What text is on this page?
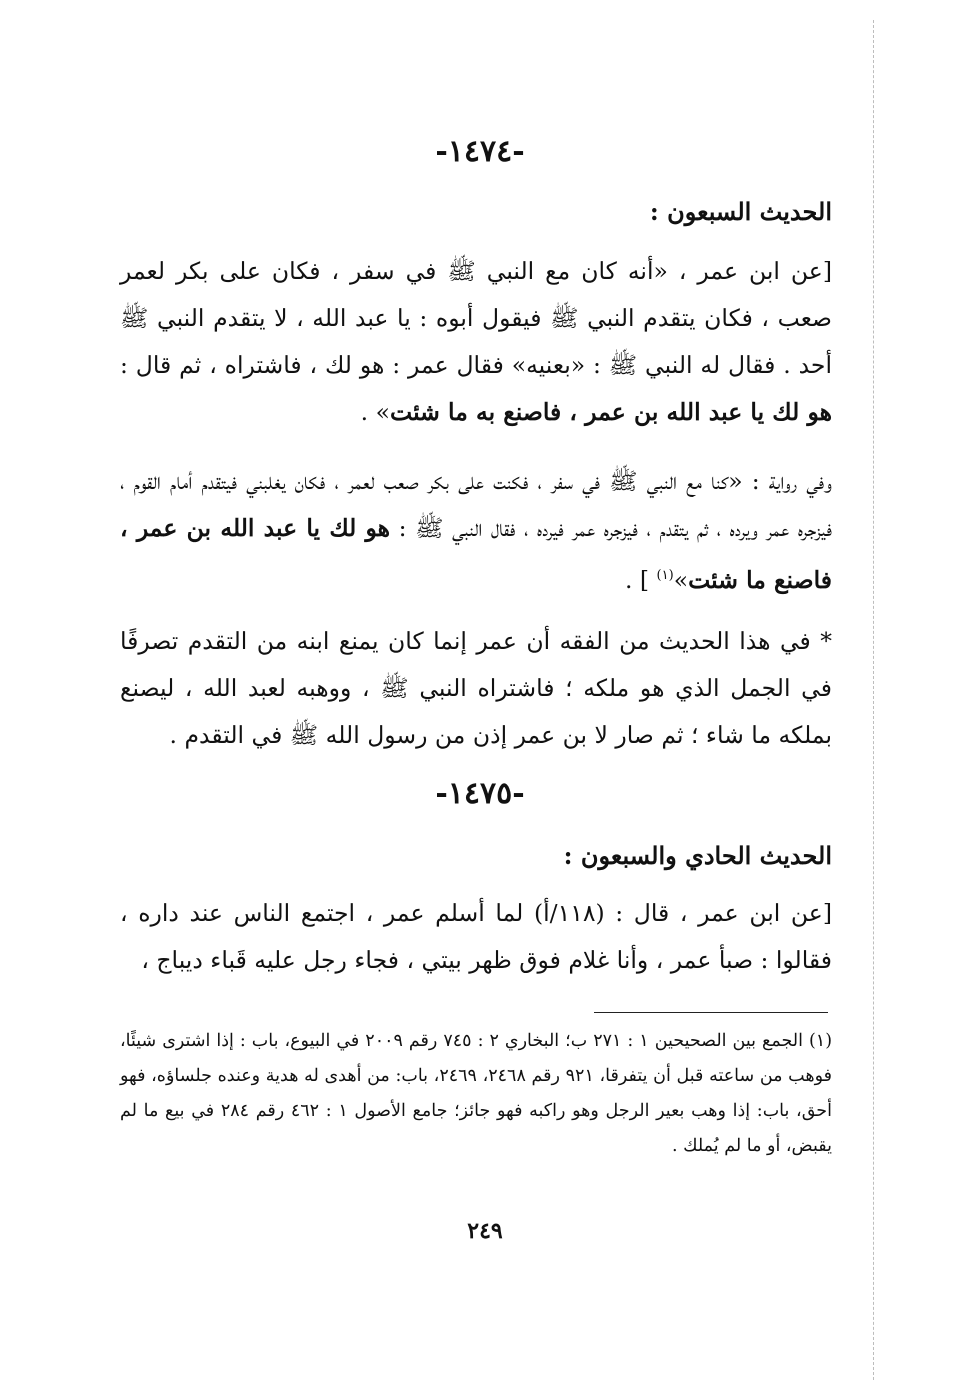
-١٤٧٤-
الحديث السبعون :

[عن ابن عمر ، «أنه كان مع النبي ﷺ في سفر ، فكان على بكر لعمر صعب ، فكان يتقدم النبي ﷺ فيقول أبوه : يا عبد الله ، لا يتقدم النبي ﷺ أحد . فقال له النبي ﷺ : «بعنيه» فقال عمر : هو لك ، فاشتراه ، ثم قال : هو لك يا عبد الله بن عمر ، فاصنع به ما شئت» .

وفي رواية : «كنا مع النبي ﷺ في سفر ، فكنت على بكر صعب لعمر ، فكان يغلبني فيتقدم أمام القوم ، فيزجره عمر ويرده ، ثم يتقدم ، فيزجره عمر فيرده ، فقال النبي ﷺ : هو لك يا عبد الله بن عمر ، فاصنع ما شئت»$^{(١)}$ ] .

* في هذا الحديث من الفقه أن عمر إنما كان يمنع ابنه من التقدم تصرفًا في الجمل الذي هو ملكه ؛ فاشتراه النبي ﷺ ، ووهبه لعبد الله ، ليصنع بملكه ما شاء ؛ ثم صار لا بن عمر إذن من رسول الله ﷺ في التقدم .

-١٤٧٥-
الحديث الحادي والسبعون :

[عن ابن عمر ، قال : (١١٨/أ) لما أسلم عمر ، اجتمع الناس عند داره ، فقالوا : صبأ عمر ، وأنا غلام فوق ظهر بيتي ، فجاء رجل عليه قَباء ديباج ،

(١) الجمع بين الصحيحين ١ : ٢٧١ ب؛ البخاري ٢ : ٧٤٥ رقم ٢٠٠٩ في البيوع، باب : إذا اشترى شيئًا، فوهب من ساعته قبل أن يتفرقا، ٩٢١ رقم ٢٤٦٨، ٢٤٦٩، باب: من أهدى له هدية وعنده جلساؤه، فهو أحق، باب: إذا وهب بعير الرجل وهو راكبه فهو جائز؛ جامع الأصول ١ : ٤٦٢ رقم ٢٨٤ في بيع ما لم يقبض، أو ما لم يُملك .
٢٤٩
